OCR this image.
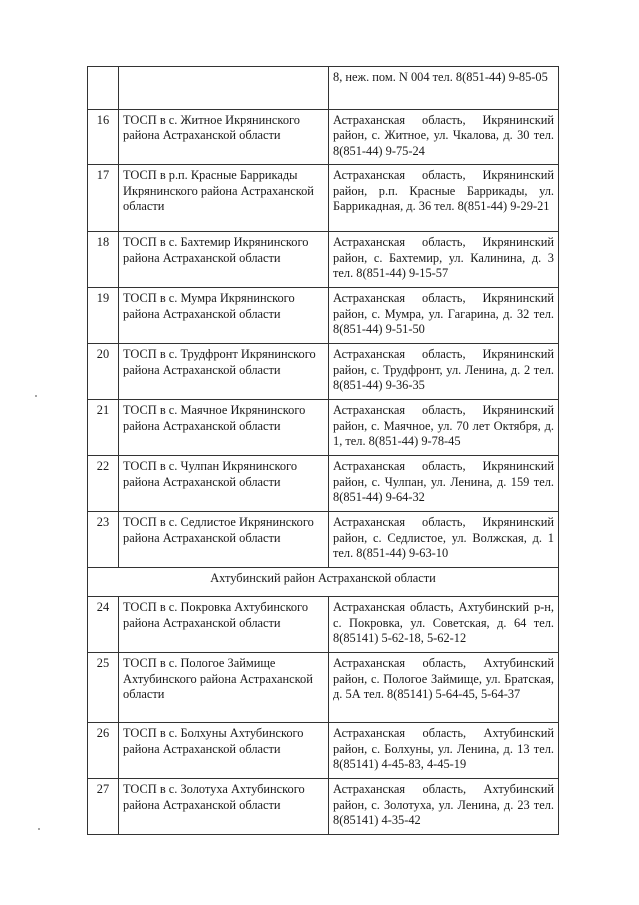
		8, неж. пом. N 004 тел. 8(851-44) 9-85-05
16	ТОСП в с. Житное Икрянинского района Астраханской области	Астраханская область, Икрянинский район, с. Житное, ул. Чкалова, д. 30 тел. 8(851-44) 9-75-24
17	ТОСП в р.п. Красные Баррикады Икрянинского района Астраханской области	Астраханская область, Икрянинский район, р.п. Красные Баррикады, ул. Баррикадная, д. 36 тел. 8(851-44) 9-29-21
18	ТОСП в с. Бахтемир Икрянинского района Астраханской области	Астраханская область, Икрянинский район, с. Бахтемир, ул. Калинина, д. 3 тел. 8(851-44) 9-15-57
19	ТОСП в с. Мумра Икрянинского района Астраханской области	Астраханская область, Икрянинский район, с. Мумра, ул. Гагарина, д. 32 тел. 8(851-44) 9-51-50
20	ТОСП в с. Трудфронт Икрянинского района Астраханской области	Астраханская область, Икрянинский район, с. Трудфронт, ул. Ленина, д. 2 тел. 8(851-44) 9-36-35
21	ТОСП в с. Маячное Икрянинского района Астраханской области	Астраханская область, Икрянинский район, с. Маячное, ул. 70 лет Октября, д. 1, тел. 8(851-44) 9-78-45
22	ТОСП в с. Чулпан Икрянинского района Астраханской области	Астраханская область, Икрянинский район, с. Чулпан, ул. Ленина, д. 159 тел. 8(851-44) 9-64-32
23	ТОСП в с. Седлистое Икрянинского района Астраханской области	Астраханская область, Икрянинский район, с. Седлистое, ул. Волжская, д. 1 тел. 8(851-44) 9-63-10
Ахтубинский район Астраханской области		
24	ТОСП в с. Покровка Ахтубинского района Астраханской области	Астраханская область, Ахтубинский р-н, с. Покровка, ул. Советская, д. 64 тел. 8(85141) 5-62-18, 5-62-12
25	ТОСП в с. Пологое Займище Ахтубинского района Астраханской области	Астраханская область, Ахтубинский район, с. Пологое Займище, ул. Братская, д. 5А тел. 8(85141) 5-64-45, 5-64-37
26	ТОСП в с. Болхуны Ахтубинского района Астраханской области	Астраханская область, Ахтубинский район, с. Болхуны, ул. Ленина, д. 13 тел. 8(85141) 4-45-83, 4-45-19
27	ТОСП в с. Золотуха Ахтубинского района Астраханской области	Астраханская область, Ахтубинский район, с. Золотуха, ул. Ленина, д. 23 тел. 8(85141) 4-35-42
